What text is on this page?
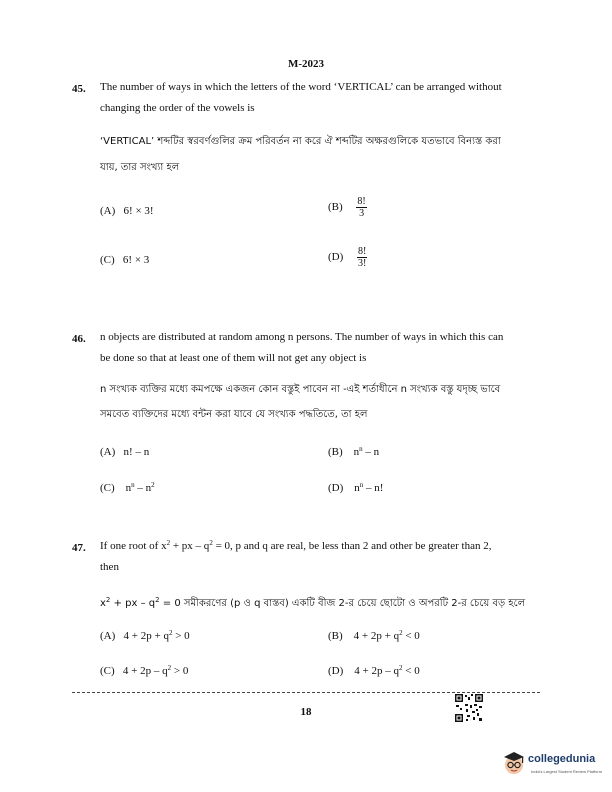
M-2023
45. The number of ways in which the letters of the word ‘VERTICAL’ can be arranged without
changing the order of the vowels is
‘VERTICAL’ শব্দটির স্বরবর্ণগুলির ক্রম পরিবর্তন না করে ঐ শব্দটির অক্ষরগুলিকে যতভাবে বিন্যস্ত করা
যায়, তার সংখ্যা হল
(A) 6! × 3!	$(B) \frac{8!}{3}$
(C) 6! × 3	$(D) \frac{8!}{3!}$
46. n objects are distributed at random among n persons. The number of ways in which this can
be done so that at least one of them will not get any object is
n সংখ্যক ব্যক্তির মধ্যে কমপক্ষে একজন কোন বস্তুই পাবেন না -এই শর্তাধীনে n সংখ্যক বস্তু যদৃচ্ছ ভাবে
সমবেত ব্যক্তিদের মধ্যে বন্টন করা যাবে যে সংখ্যক পদ্ধতিতে, তা হল
(A) n! – n	(B) $n^n$ – n
(C) $n^n - n^2$	(D) $n^n$ – n!
47. If one root of $x^2$ + px – $q^2 = 0$, p and q are real, be less than 2 and other be greater than 2,
then
$x^2$ + px – $q^2 = 0$ সমীকরণের (p ও q বাস্তব) একটি বীজ 2-র চেয়ে ছোটো ও অপরটি 2-র চেয়ে বড় হলে
(A) $4 + 2p + q^2 > 0$	(B) $4 + 2p + q^2 < 0$
(C) $4 + 2p - q^2 > 0$	(D) $4 + 2p - q^2 < 0$
18
collegedunia
India's Largest Student Review Platform
